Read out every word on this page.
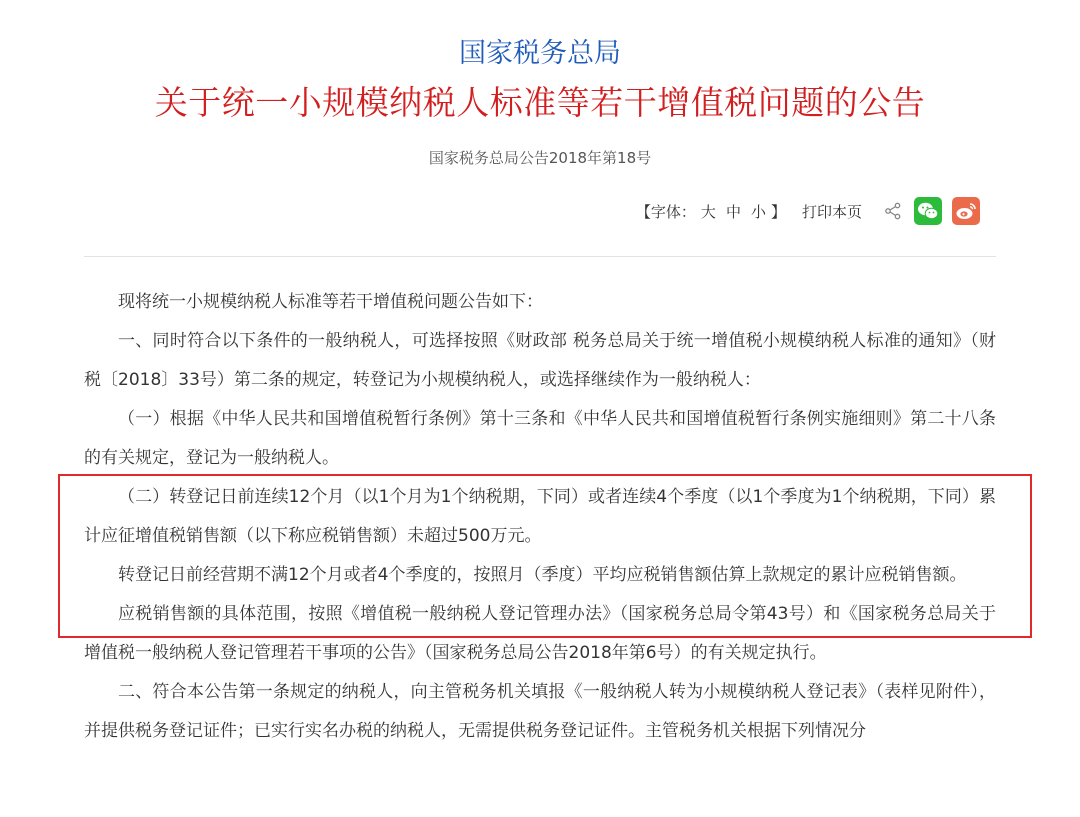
国家税务总局
关于统一小规模纳税人标准等若干增值税问题的公告
国家税务总局公告2018年第18号
【字体： 大 中 小 】 打印本页

现将统一小规模纳税人标准等若干增值税问题公告如下：

一、同时符合以下条件的一般纳税人，可选择按照《财政部 税务总局关于统一增值税小规模纳税人标准的通知》（财税〔2018〕33号）第二条的规定，转登记为小规模纳税人，或选择继续作为一般纳税人：

（一）根据《中华人民共和国增值税暂行条例》第十三条和《中华人民共和国增值税暂行条例实施细则》第二十八条的有关规定，登记为一般纳税人。

（二）转登记日前连续12个月（以1个月为1个纳税期，下同）或者连续4个季度（以1个季度为1个纳税期，下同）累计应征增值税销售额（以下称应税销售额）未超过500万元。

转登记日前经营期不满12个月或者4个季度的，按照月（季度）平均应税销售额估算上款规定的累计应税销售额。

应税销售额的具体范围，按照《增值税一般纳税人登记管理办法》（国家税务总局令第43号）和《国家税务总局关于增值税一般纳税人登记管理若干事项的公告》（国家税务总局公告2018年第6号）的有关规定执行。

二、符合本公告第一条规定的纳税人，向主管税务机关填报《一般纳税人转为小规模纳税人登记表》（表样见附件），并提供税务登记证件；已实行实名办税的纳税人，无需提供税务登记证件。主管税务机关根据下列情况分
